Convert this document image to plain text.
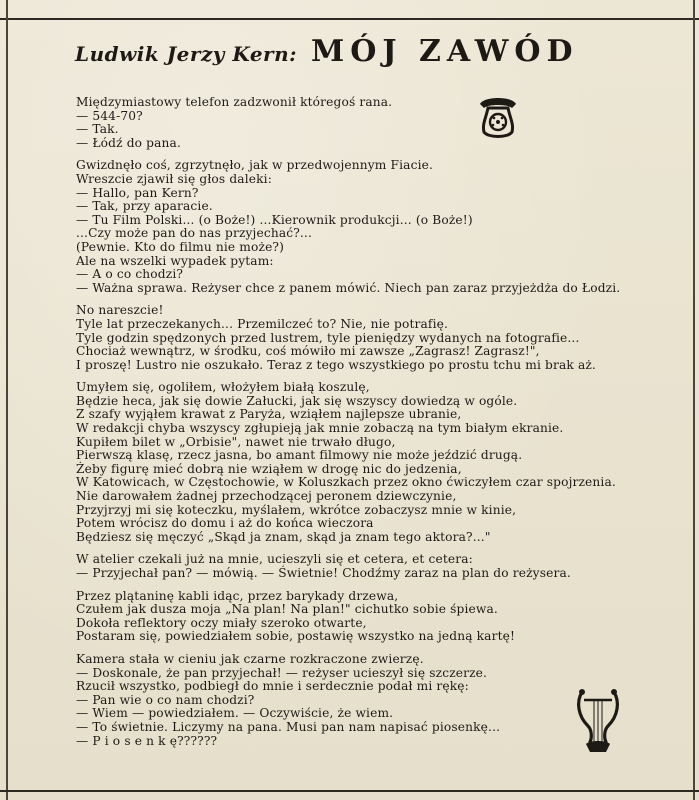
Ludwik Jerzy Kern: MÓJ ZAWÓD
Międzymiastowy telefon zadzwonił któregoś rana.
— 544-70?
— Tak.
— Łódź do pana.
Gwizdnęło coś, zgrzytnęło, jak w przedwojennym Fiacie.
Wreszcie zjawił się głos daleki:
— Hallo, pan Kern?
— Tak, przy aparacie.
— Tu Film Polski... (o Boże!) ...Kierownik produkcji... (o Boże!)
...Czy może pan do nas przyjechać?...
(Pewnie. Kto do filmu nie może?)
Ale na wszelki wypadek pytam:
— A o co chodzi?
— Ważna sprawa. Reżyser chce z panem mówić. Niech pan zaraz przyjeżdża do Łodzi.
No nareszcie!
Tyle lat przeczekanych... Przemilczeć to? Nie, nie potrafię.
Tyle godzin spędzonych przed lustrem, tyle pieniędzy wydanych na fotografie...
Chociaż wewnątrz, w środku, coś mówiło mi zawsze „Zagrasz! Zagrasz!",
I proszę! Lustro nie oszukało. Teraz z tego wszystkiego po prostu tchu mi brak aż.
Umyłem się, ogoliłem, włożyłem białą koszulę,
Będzie heca, jak się dowie Załucki, jak się wszyscy dowiedzą w ogóle.
Z szafy wyjąłem krawat z Paryża, wziąłem najlepsze ubranie,
W redakcji chyba wszyscy zgłupieją jak mnie zobaczą na tym białym ekranie.
Kupiłem bilet w „Orbisie", nawet nie trwało długo,
Pierwszą klasę, rzecz jasna, bo amant filmowy nie może jeździć drugą.
Żeby figurę mieć dobrą nie wziąłem w drogę nic do jedzenia,
W Katowicach, w Częstochowie, w Koluszkach przez okno ćwiczyłem czar spojrzenia.
Nie darowałem żadnej przechodzącej peronem dziewczynie,
Przyjrzyj mi się koteczku, myślałem, wkrótce zobaczysz mnie w kinie,
Potem wrócisz do domu i aż do końca wieczora
Będziesz się męczyć „Skąd ja znam, skąd ja znam tego aktora?..."
W atelier czekali już na mnie, ucieszyli się et cetera, et cetera:
— Przyjechał pan? — mówią. — Świetnie! Chodźmy zaraz na plan do reżysera.
Przez plątaninę kabli idąc, przez barykady drzewa,
Czułem jak dusza moja „Na plan! Na plan!" cichutko sobie śpiewa.
Dokoła reflektory oczy miały szeroko otwarte,
Postaram się, powiedziałem sobie, postawię wszystko na jedną kartę!
Kamera stała w cieniu jak czarne rozkraczone zwierzę.
— Doskonale, że pan przyjechał! — reżyser ucieszył się szczerze.
Rzucił wszystko, podbiegł do mnie i serdecznie podał mi rękę:
— Pan wie o co nam chodzi?
— Wiem — powiedziałem. — Oczywiście, że wiem.
— To świetnie. Liczymy na pana. Musi pan nam napisać piosenkę...
— P i o s e n k ę??????
